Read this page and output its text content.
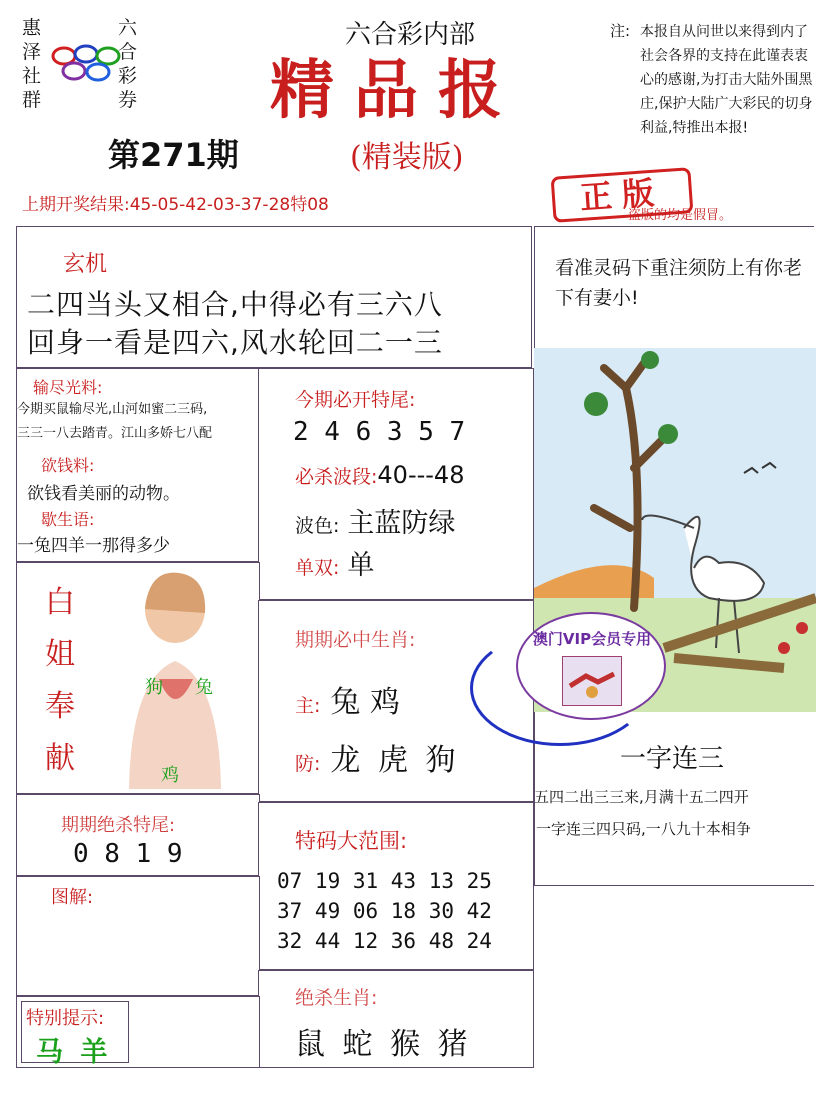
惠泽社群
六合彩券
六合彩内部
精品报
(精装版)
第271期
注: 本报自从问世以来得到内了社会各界的支持在此谨表衷心的感谢,为打击大陆外围黑庄,保护大陆广大彩民的切身利益,特推出本报!
正版
盗版的均是假冒。
上期开奖结果:45-05-42-03-37-28特08
玄机
二四当头又相合,中得必有三六八
回身一看是四六,风水轮回二一三
看准灵码下重注须防上有你老下有妻小!
一字连三
五四二出三三来,月满十五二四开
一字连三四只码,一八九十本相争
输尽光料:
今期买鼠输尽光,山河如蜜二三码,
三三一八去踏青。江山多娇七八配
欲钱料:
欲钱看美丽的动物。
歇生语:
一兔四羊一那得多少
今期必开特尾:
2 4 6 3 5 7
必杀波段:40---48
波色: 主蓝防绿
单双: 单
白
姐
奉
献
狗 兔
鸡
期期必中生肖:
主: 兔 鸡
防: 龙 虎 狗
澳门VIP会员专用
期期绝杀特尾:
0 8 1 9	特码大范围:
07 19 31 43 13 25
37 49 06 18 30 42
32 44 12 36 48 24
图解:
绝杀生肖:
鼠 蛇 猴 猪
特别提示:
马 羊
